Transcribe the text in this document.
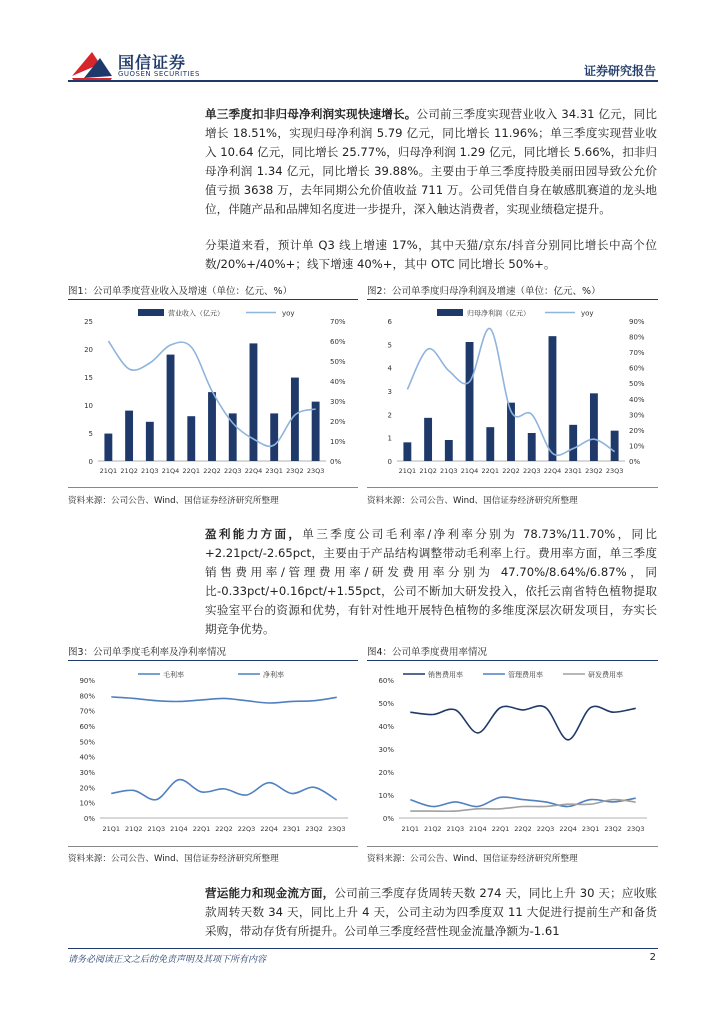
国信证券
GUOSEN SECURITIES	证券研究报告

单三季度扣非归母净利润实现快速增长。公司前三季度实现营业收入 34.31 亿元，同比增长 18.51%，实现归母净利润 5.79 亿元，同比增长 11.96%；单三季度实现营业收入 10.64 亿元，同比增长 25.77%，归母净利润 1.29 亿元，同比增长 5.66%，扣非归母净利润 1.34 亿元，同比增长 39.88%。主要由于单三季度持股美丽田园导致公允价值亏损 3638 万，去年同期公允价值收益 711 万。公司凭借自身在敏感肌赛道的龙头地位，伴随产品和品牌知名度进一步提升，深入触达消费者，实现业绩稳定提升。

分渠道来看，预计单 Q3 线上增速 17%，其中天猫/京东/抖音分别同比增长中高个位数/20%+/40%+；线下增速 40%+，其中 OTC 同比增长 50%+。

图1：公司单季度营业收入及增速（单位：亿元、%）	图2：公司单季度归母净利润及增速（单位：亿元、%）
0
5
10
15
20
25
0%
10%
20%
30%
40%
50%
60%
70%
21Q1 21Q2 21Q3 21Q4 22Q1 22Q2 22Q3 22Q4 23Q1 23Q2 23Q3
营业收入（亿元）	yoy
0
1
2
3
4
5
6
0%
10%
20%
30%
40%
50%
60%
70%
80%
90%
21Q1 21Q2 21Q3 21Q4 22Q1 22Q2 22Q3 22Q4 23Q1 23Q2 23Q3
归母净利润（亿元）	yoy
资料来源：公司公告、Wind、国信证券经济研究所整理	资料来源：公司公告、Wind、国信证券经济研究所整理

盈利能力方面，单三季度公司毛利率/净利率分别为 78.73%/11.70%，同比+2.21pct/-2.65pct，主要由于产品结构调整带动毛利率上行。费用率方面，单三季度销售费用率/管理费用率/研发费用率分别为 47.70%/8.64%/6.87%，同比-0.33pct/+0.16pct/+1.55pct，公司不断加大研发投入，依托云南省特色植物提取实验室平台的资源和优势，有针对性地开展特色植物的多维度深层次研发项目，夯实长期竞争优势。

图3：公司单季度毛利率及净利率情况	图4：公司单季度费用率情况
0%
10%
20%
30%
40%
50%
60%
70%
80%
90%
21Q1 21Q2 21Q3 21Q4 22Q1 22Q2 22Q3 22Q4 23Q1 23Q2 23Q3
毛利率	净利率
0%
10%
20%
30%
40%
50%
60%
21Q1 21Q2 21Q3 21Q4 22Q1 22Q2 22Q3 22Q4 23Q1 23Q2 23Q3
销售费用率	管理费用率	研发费用率
资料来源：公司公告、Wind、国信证券经济研究所整理	资料来源：公司公告、Wind、国信证券经济研究所整理

营运能力和现金流方面，公司前三季度存货周转天数 274 天，同比上升 30 天；应收账款周转天数 34 天，同比上升 4 天，公司主动为四季度双 11 大促进行提前生产和备货采购，带动存货有所提升。公司单三季度经营性现金流量净额为-1.61

请务必阅读正文之后的免责声明及其项下所有内容	2
